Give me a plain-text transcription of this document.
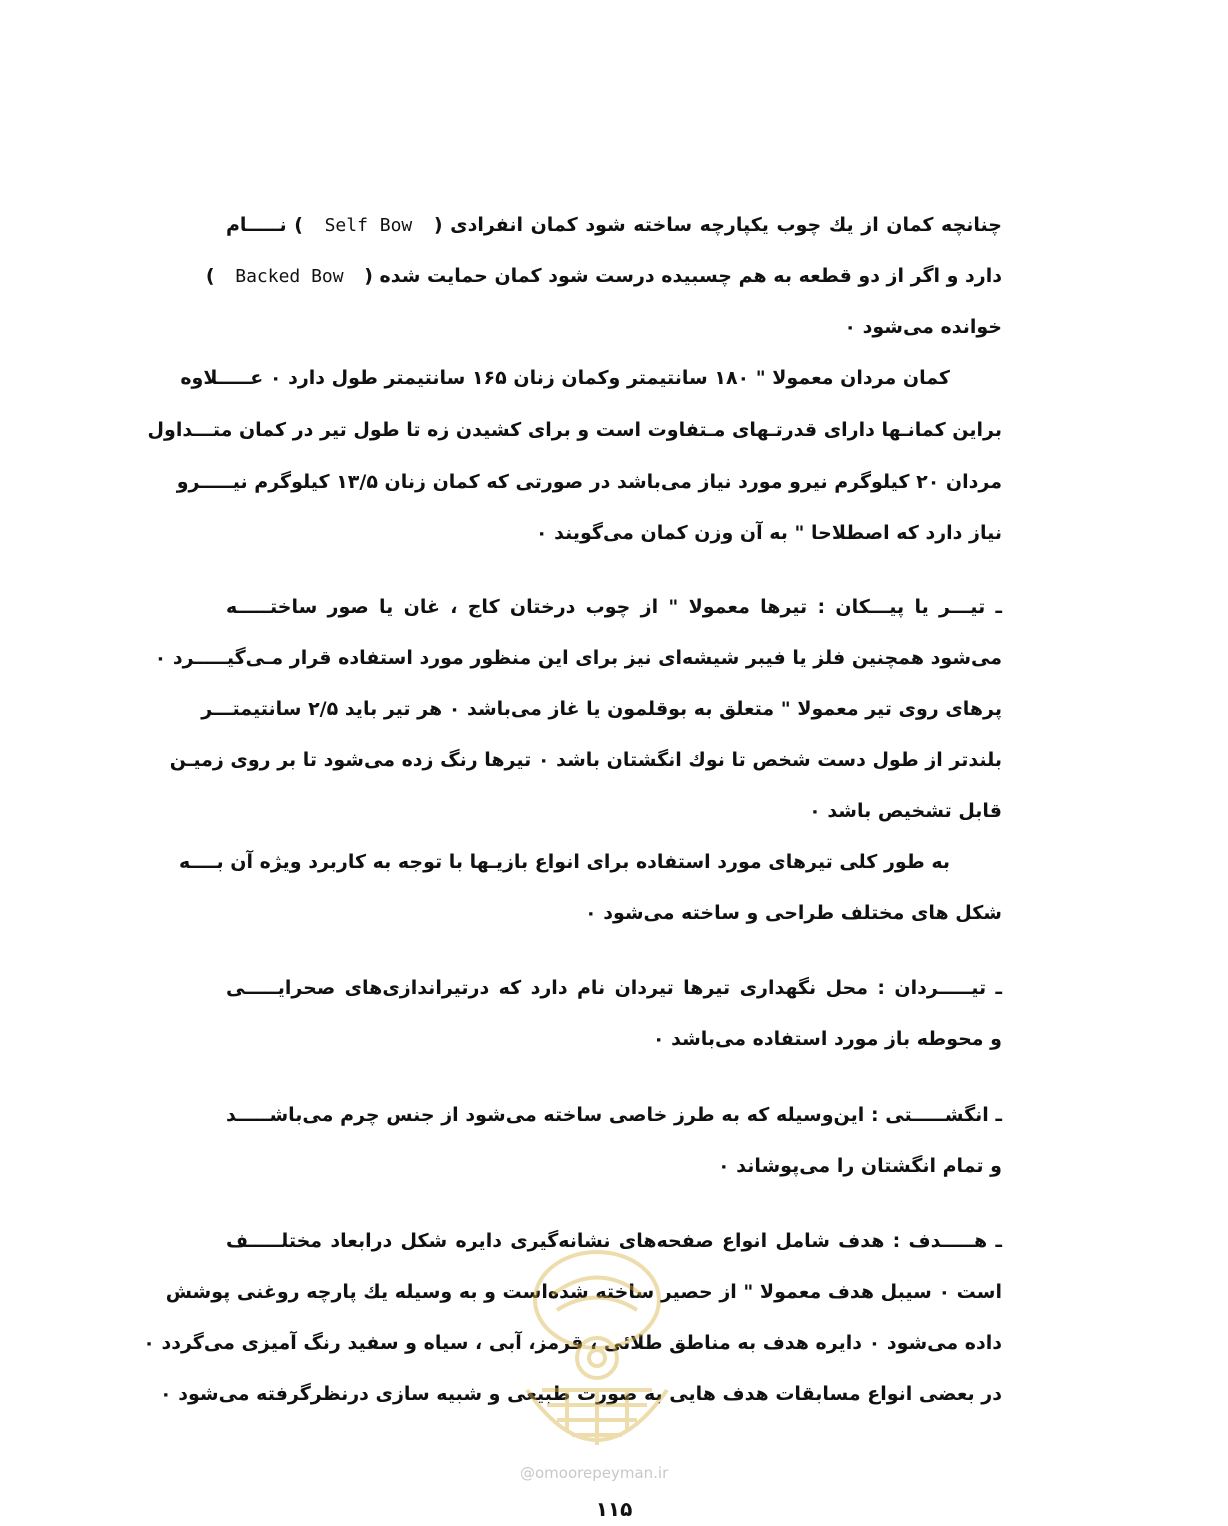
چنانچه کمان از یك چوب یکپارچه ساخته شود کمان انفرادی ( Self Bow ) نـــــام
دارد و اگر از دو قطعه به هم چسبیده درست شود کمان حمایت شده ( Backed Bow )
خوانده می‌شود ۰
کمان مردان معمولا " ۱۸۰ سانتیمتر وکمان زنان ۱۶۵ سانتیمتر طول دارد ۰ عـــــلاوه
براین کمانـها دارای قدرتـهای مـتفاوت است و برای کشیدن زه تا طول تیر در کمان متـــداول
مردان ۲۰ کیلوگرم نیرو مورد نیاز می‌باشد در صورتی که کمان زنان ۱۳/۵ کیلوگرم نیـــــرو
نیاز دارد که اصطلاحا " به آن وزن کمان می‌گویند ۰
ـ تیـــر یا پیـــکان : تیرها معمولا " از چوب درختان کاج ، غان یا صور ساختـــــه
می‌شود همچنین فلز یا فیبر شیشه‌ای نیز برای این منظور مورد استفاده قرار مـی‌گیـــــرد ۰
پرهای روی تیر معمولا " متعلق به بوقلمون یا غاز می‌باشد ۰ هر تیر باید ۲/۵ سانتیمتـــر
بلندتر از طول دست شخص تا نوك انگشتان باشد ۰ تیرها رنگ زده می‌شود تا بر روی زمیـن
قابل تشخیص باشد ۰
به طور کلی تیرهای مورد استفاده برای انواع بازیـها با توجه به کاربرد ویژه آن بــــه
شکل های مختلف طراحی و ساخته می‌شود ۰
ـ تیـــــردان : محل نگهداری تیرها تیردان نام دارد که درتیراندازی‌های صحرایـــــی
و محوطه باز مورد استفاده می‌باشد ۰
ـ انگشـــــتی : این‌وسیله که به طرز خاصی ساخته می‌شود از جنس چرم می‌باشـــــد
و تمام انگشتان را می‌پوشاند ۰
ـ هـــــدف : هدف شامل انواع صفحه‌های نشانه‌گیری دایره شکل درابعاد مختلـــــف
است ۰ سیبل هدف معمولا " از حصیر ساخته شده‌است و به وسیله یك پارچه روغنی پوشش
داده می‌شود ۰ دایره هدف به مناطق طلائی ، قرمز، آبی ، سیاه و سفید رنگ آمیزی می‌گردد ۰
در بعضی انواع مسابقات هدف هایی به صورت طبیعی و شبیه سازی درنظرگرفته می‌شود ۰
@omoorepeyman.ir
۱۱۵
